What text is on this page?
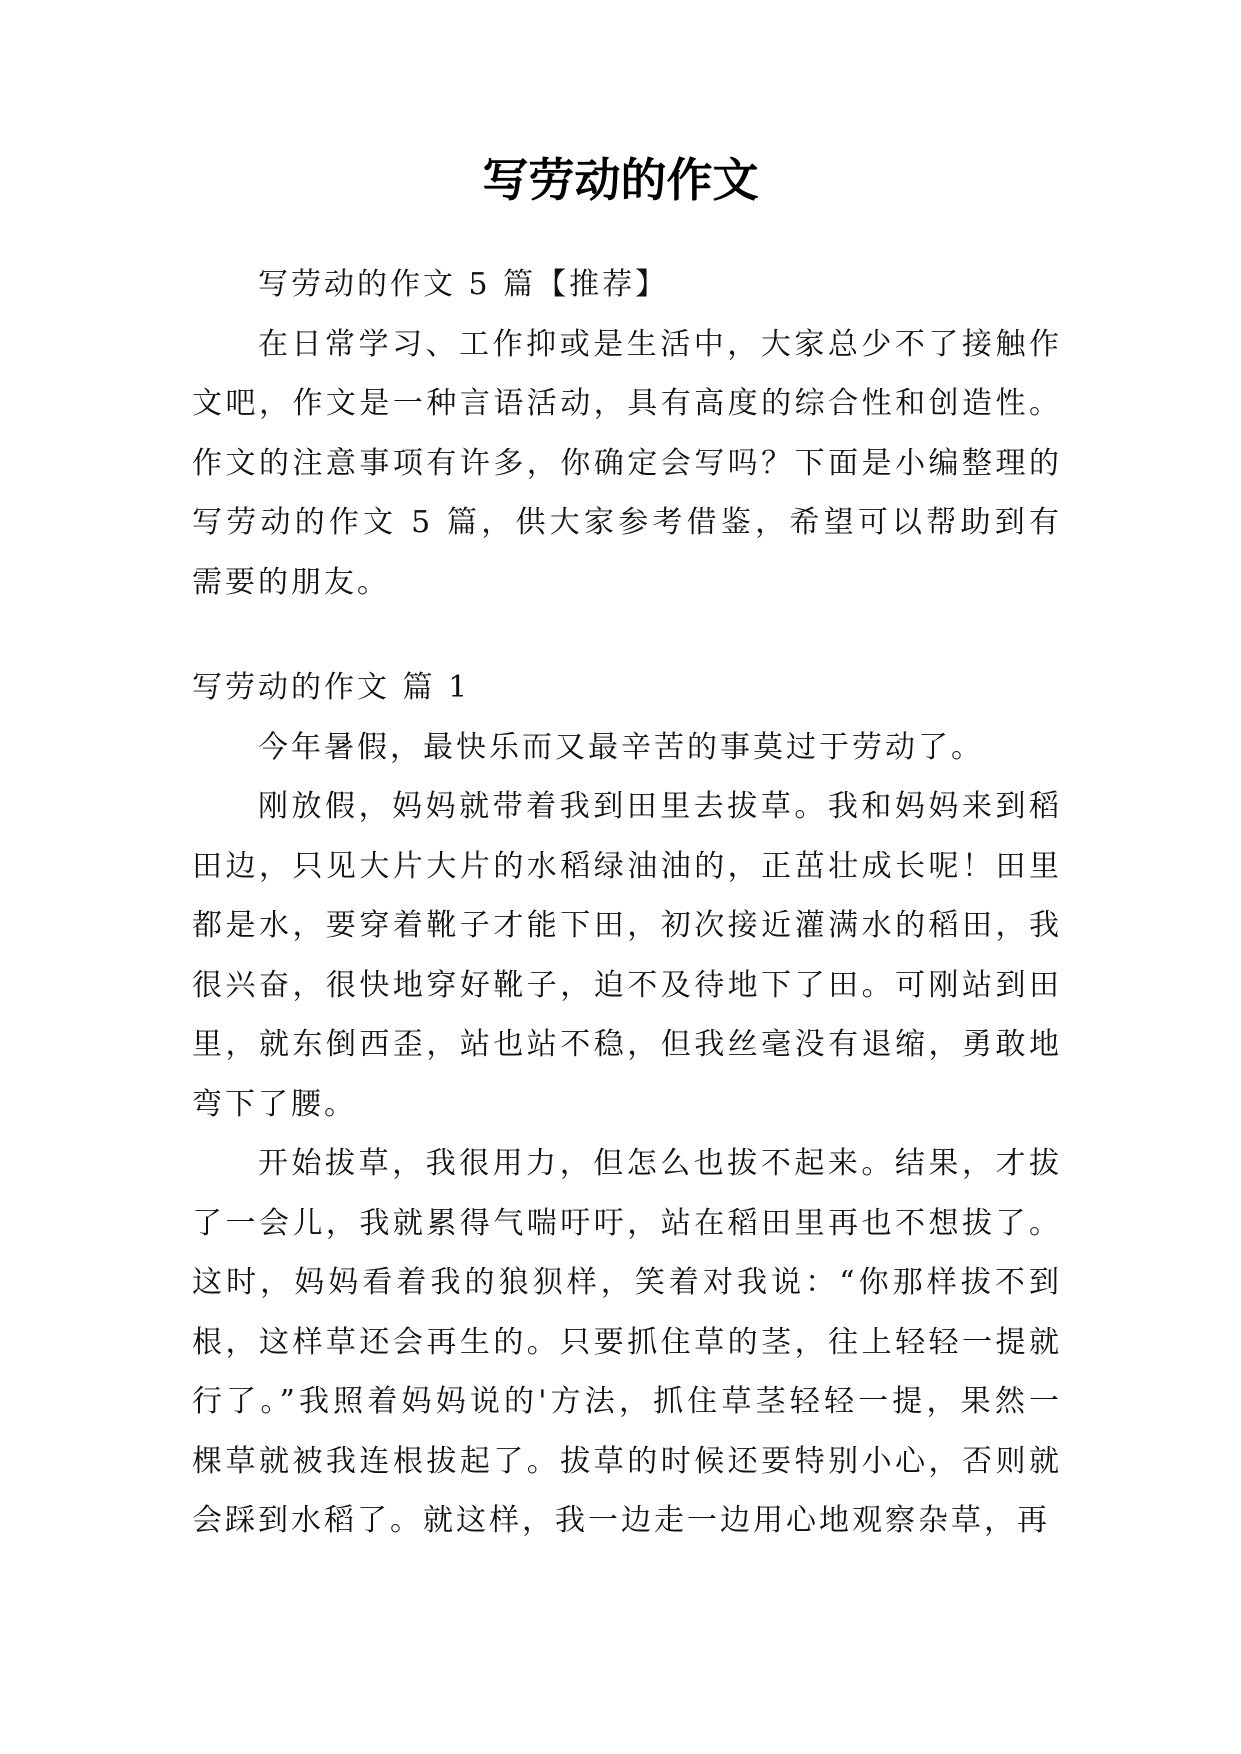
写劳动的作文

写劳动的作文 5 篇【推荐】

在日常学习、工作抑或是生活中，大家总少不了接触作文吧，作文是一种言语活动，具有高度的综合性和创造性。作文的注意事项有许多，你确定会写吗？下面是小编整理的写劳动的作文 5 篇，供大家参考借鉴，希望可以帮助到有需要的朋友。

写劳动的作文 篇 1

今年暑假，最快乐而又最辛苦的事莫过于劳动了。

刚放假，妈妈就带着我到田里去拔草。我和妈妈来到稻田边，只见大片大片的水稻绿油油的，正茁壮成长呢！田里都是水，要穿着靴子才能下田，初次接近灌满水的稻田，我很兴奋，很快地穿好靴子，迫不及待地下了田。可刚站到田里，就东倒西歪，站也站不稳，但我丝毫没有退缩，勇敢地弯下了腰。

开始拔草，我很用力，但怎么也拔不起来。结果，才拔了一会儿，我就累得气喘吁吁，站在稻田里再也不想拔了。这时，妈妈看着我的狼狈样，笑着对我说：“你那样拔不到根，这样草还会再生的。只要抓住草的茎，往上轻轻一提就行了。”我照着妈妈说的'方法，抓住草茎轻轻一提，果然一棵草就被我连根拔起了。拔草的时候还要特别小心，否则就会踩到水稻了。就这样，我一边走一边用心地观察杂草，再
